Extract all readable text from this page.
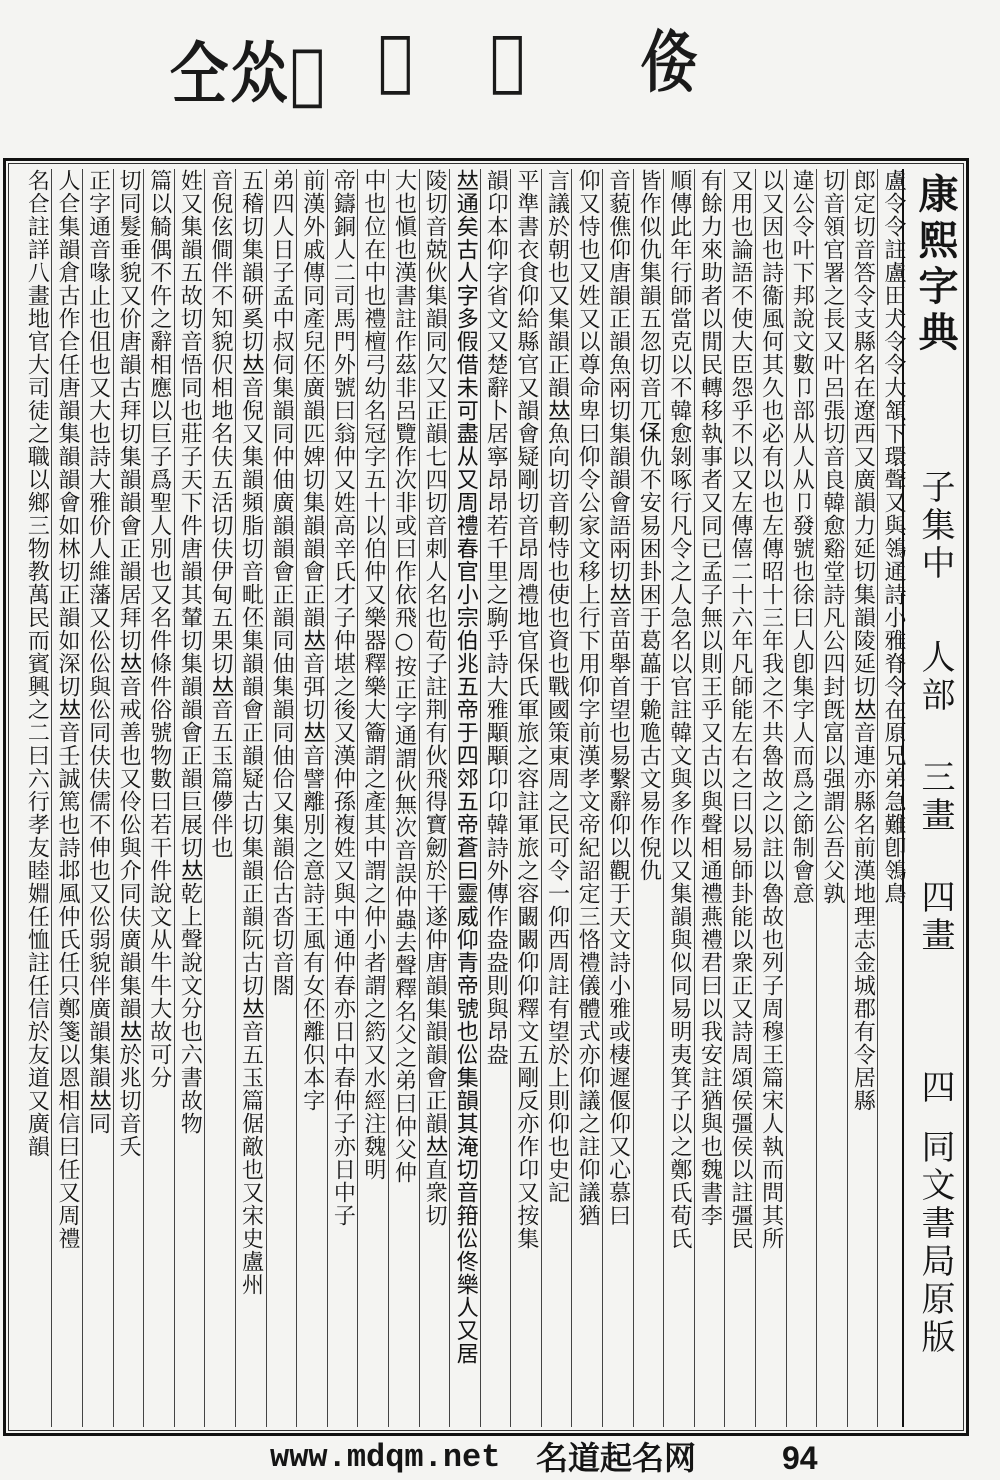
仝𠈌𠇹 𠇺 𠇻 𠈍
康熙字典
子集中
人部
三畫 四畫
四
同文書局原版
盧令令註盧田犬令令大頷下環聲又與鴒通詩小雅脊令在原兄弟急難卽鴒鳥
郎定切音答令支縣名在遼西又廣韻力延切集韻陵延切𠀤音連亦縣名前漢地理志金城郡有令居縣
切音領官署之長又叶呂張切音良韓愈谿堂詩凡公四封旣富以强謂公吾父孰
違公令叶下邦說文數卩部从人从卩發號也徐曰人卽集字人而爲之節制會意
以又因也詩衞風何其久也必有以也左傳昭十三年我之不共魯故之以註以魯故也列子周穆王篇宋人執而問其所
又用也論語不使大臣怨乎不以又左傳僖二十六年凡師能左右之曰以易師卦能以衆正又詩周頌侯彊侯以註彊民
有餘力來助者以閒民轉移執事者又同已孟子無以則王乎又古以與聲相通禮燕禮君曰以我安註猶與也魏書李
順傳此年行師當克以不韓愈剝啄行凡令之人急名以官註韓文與多作以又集韻與似同易明夷箕子以之鄭氏荀氏
皆作似仇集韻五忽切音兀𠈃仇不安易困卦困于葛藟于臲卼古文易作倪仇
音藐僬仰唐韻正韻魚兩切集韻韻會語兩切𠀤音苗舉首望也易繫辭仰以觀于天文詩小雅或棲遲偃仰又心慕曰
仰又恃也又姓又以尊命卑曰仰令公家文移上行下用仰字前漢孝文帝紀詔定三恪禮儀體式亦仰議之註仰議猶
言議於朝也又集韻正韻𠀤魚向切音軔恃也使也資也戰國策東周之民可令一仰西周註有望於上則仰也史記
平準書衣食仰給縣官又韻會疑剛切音昂周禮地官保氏軍旅之容註軍旅之容闞闞仰仰釋文五剛反亦作卬又按集
韻卬本仰字省文又楚辭卜居寧昂昂若千里之駒乎詩大雅顒顒卬卬韓詩外傳作盎盎則與昂盎
𠀤通矣古人字多假借未可盡从又周禮春官小宗伯兆五帝于四郊五帝蒼曰靈威仰青帝號也伀集韻其淹切音箝伀佟樂人又居
陵切音兢伙集韻同欠又正韻七四切音刺人名也荀子註荆有伙飛得寶劒於干遂仲唐韻集韻韻會正韻𠀤直衆切
大也愼也漢書註作茲非呂覽作次非或曰作依飛○按正字通謂伙無次音誤仲蟲去聲釋名父之弟曰仲父仲
中也位在中也禮檀弓幼名冠字五十以伯仲又樂器釋樂大籥謂之產其中謂之仲小者謂之箹又水經注魏明
帝鑄銅人二司馬門外號曰翁仲又姓高辛氏才子仲堪之後又漢仲孫複姓又與中通仲春亦日中春仲子亦日中子
前漢外戚傳同產兒伾廣韻匹婢切集韻韻會正韻𠀤音弭切𠀤音譬離別之意詩王風有女伾離伿本字
弟四人日子孟中叔伺集韻同仲伷廣韻韻會正韻同伷集韻同伷佮又集韻佮古沓切音閤
五稽切集韻研奚切𠀤音倪又集韻頻脂切音毗伾集韻韻會正韻疑古切集韻正韻阮古切𠀤音五玉篇倨敵也又宋史盧州
音倪伭僴伴不知貌伬相地名伕五活切伕伊甸五果切𠀤音五玉篇儚伴也
姓又集韻五故切音悟同也莊子天下件唐韻其輦切集韻韻會正韻巨展切𠀤乾上聲說文分也六書故物
篇以觭偶不仵之辭相應以巨子爲聖人別也又名件條件俗號物數曰若干件說文从牛牛大故可分
切同髮垂貌又价唐韻古拜切集韻韻會正韻居拜切𠀤音戒善也又伶伀與介同伕廣韻集韻𠀤於兆切音夭
正字通音喙止也伹也又大也詩大雅价人維藩又伀伀與伀同伕伕儒不伸也又伀弱貌伴廣韻集韻𠀤同
人仺集韻倉古作仺任唐韻集韻韻會如林切正韻如深切𠀤音壬誠篤也詩邶風仲氏任只鄭箋以恩相信曰任又周禮
名仺註詳八畫地官大司徒之職以鄉三物教萬民而賓興之二曰六行孝友睦婣任恤註任信於友道又廣韻
www.mdqm.net 名道起名网	94
